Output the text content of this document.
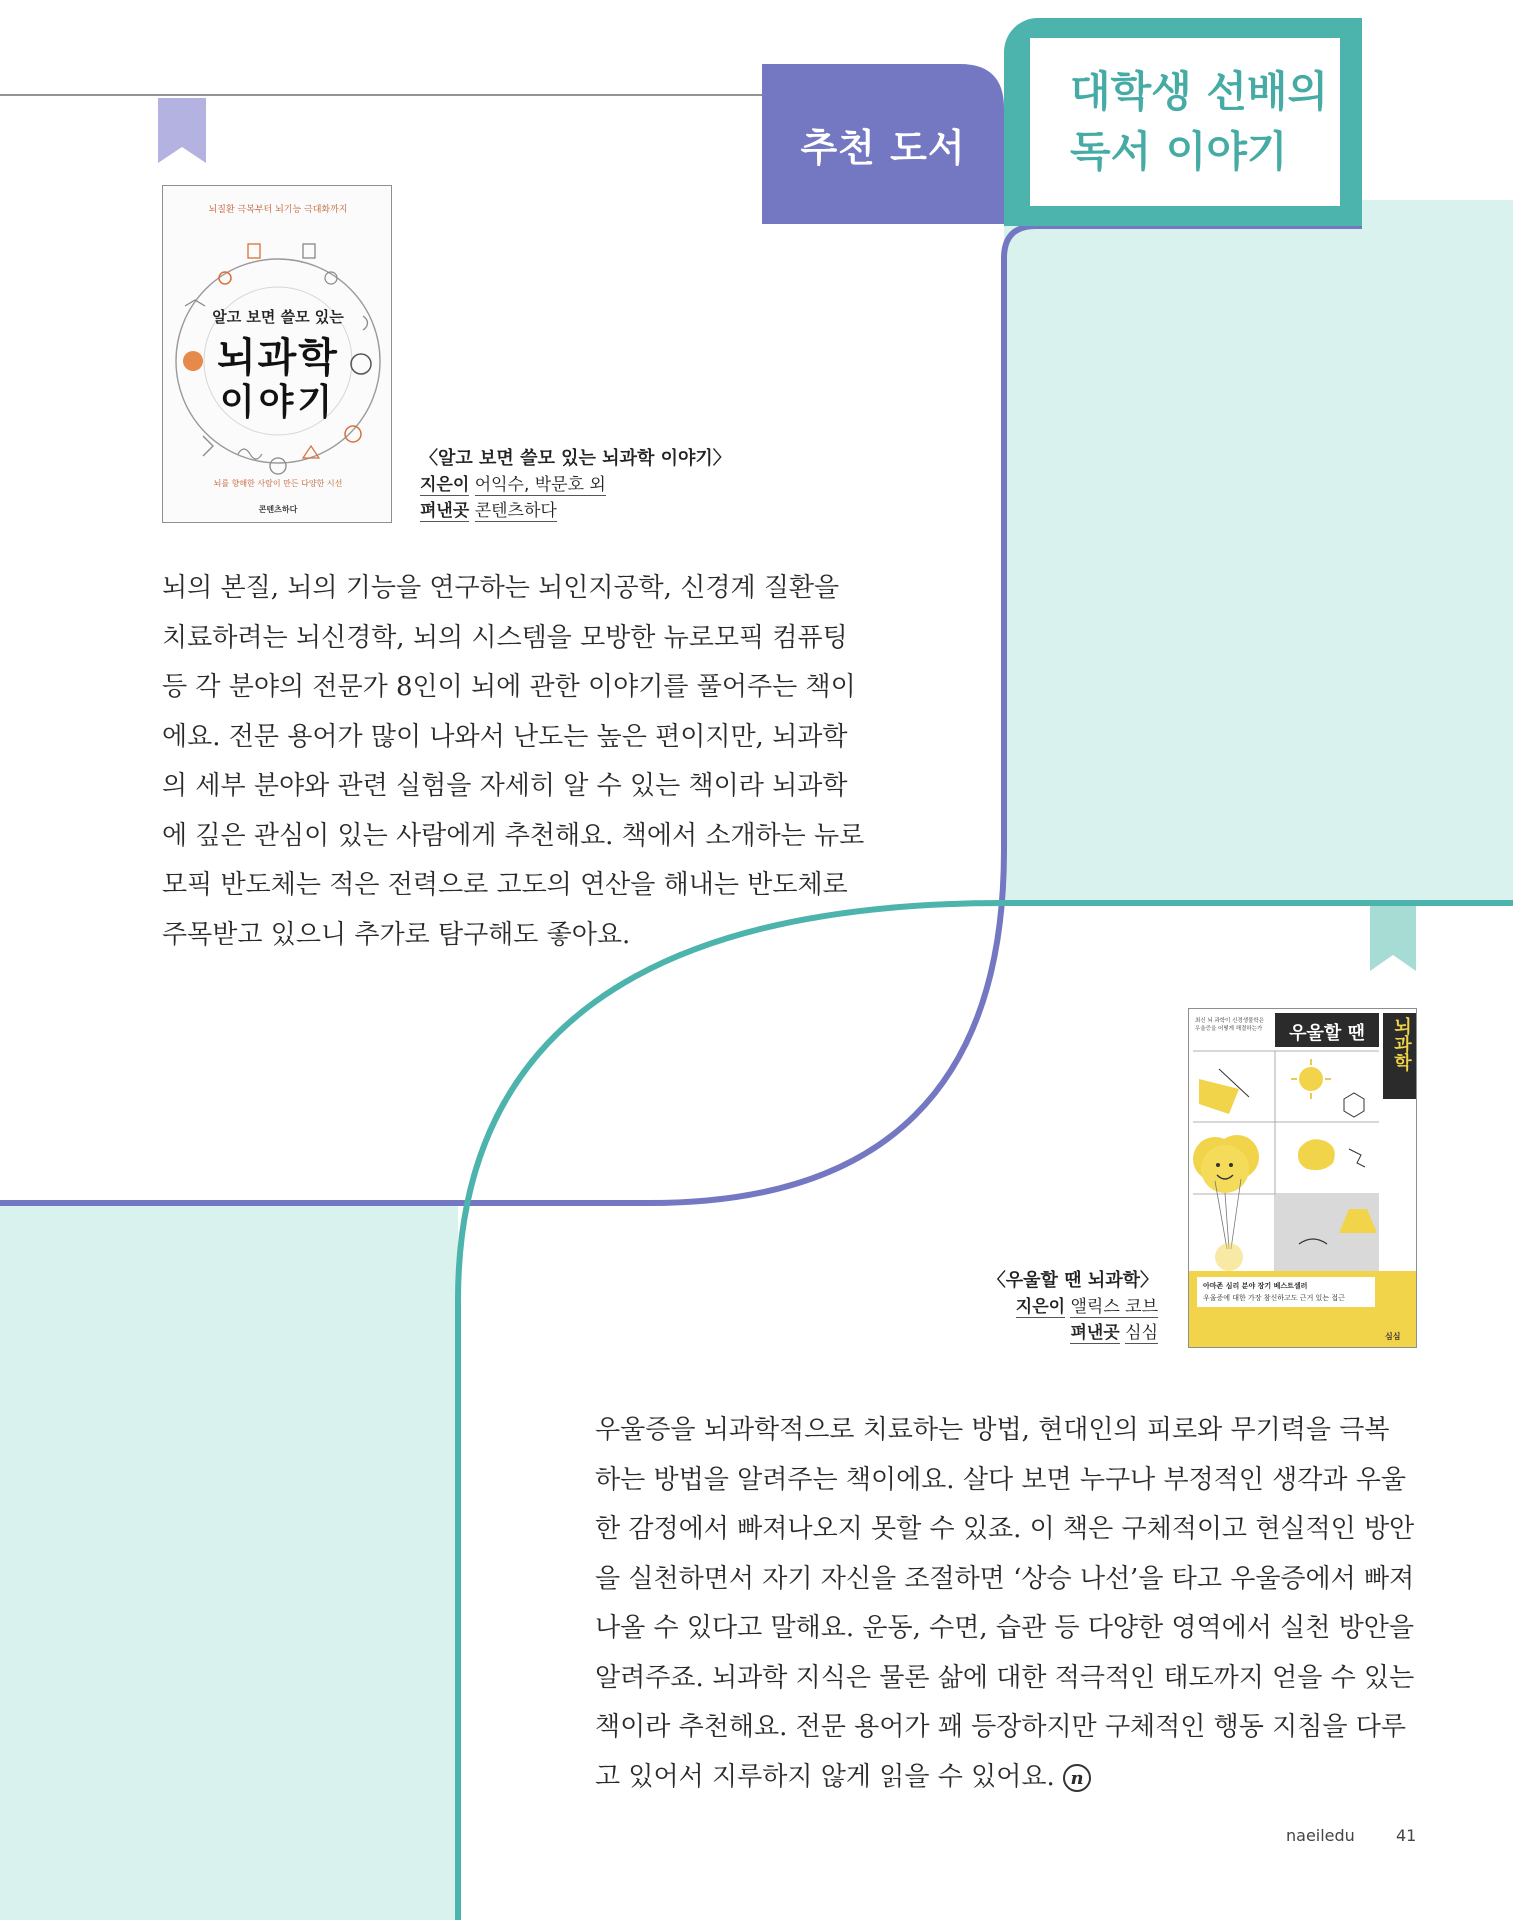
추천 도서
대학생 선배의
독서 이야기
뇌질환 극복부터 뇌기능 극대화까지
알고 보면 쓸모 있는
뇌과학
이야기
뇌를 향해한 사람이 만든 다양한 시선
콘텐츠하다
〈알고 보면 쓸모 있는 뇌과학 이야기〉
지은이 어익수, 박문호 외
펴낸곳 콘텐츠하다
뇌의 본질, 뇌의 기능을 연구하는 뇌인지공학, 신경계 질환을
치료하려는 뇌신경학, 뇌의 시스템을 모방한 뉴로모픽 컴퓨팅
등 각 분야의 전문가 8인이 뇌에 관한 이야기를 풀어주는 책이
에요. 전문 용어가 많이 나와서 난도는 높은 편이지만, 뇌과학
의 세부 분야와 관련 실험을 자세히 알 수 있는 책이라 뇌과학
에 깊은 관심이 있는 사람에게 추천해요. 책에서 소개하는 뉴로
모픽 반도체는 적은 전력으로 고도의 연산을 해내는 반도체로
주목받고 있으니 추가로 탐구해도 좋아요.
우울할 땐	뇌과학
최신 뇌 과학이 신경생물학은 우울증을 어떻게 해결하는가
아마존 심리 분야 장기 베스트셀러
우울증에 대한 가장 참신하고도 근거 있는 접근
심심
〈우울할 땐 뇌과학〉
지은이 앨릭스 코브
펴낸곳 심심
우울증을 뇌과학적으로 치료하는 방법, 현대인의 피로와 무기력을 극복
하는 방법을 알려주는 책이에요. 살다 보면 누구나 부정적인 생각과 우울
한 감정에서 빠져나오지 못할 수 있죠. 이 책은 구체적이고 현실적인 방안
을 실천하면서 자기 자신을 조절하면 ‘상승 나선’을 타고 우울증에서 빠져
나올 수 있다고 말해요. 운동, 수면, 습관 등 다양한 영역에서 실천 방안을
알려주죠. 뇌과학 지식은 물론 삶에 대한 적극적인 태도까지 얻을 수 있는
책이라 추천해요. 전문 용어가 꽤 등장하지만 구체적인 행동 지침을 다루
고 있어서 지루하지 않게 읽을 수 있어요. n
naeiledu	41
